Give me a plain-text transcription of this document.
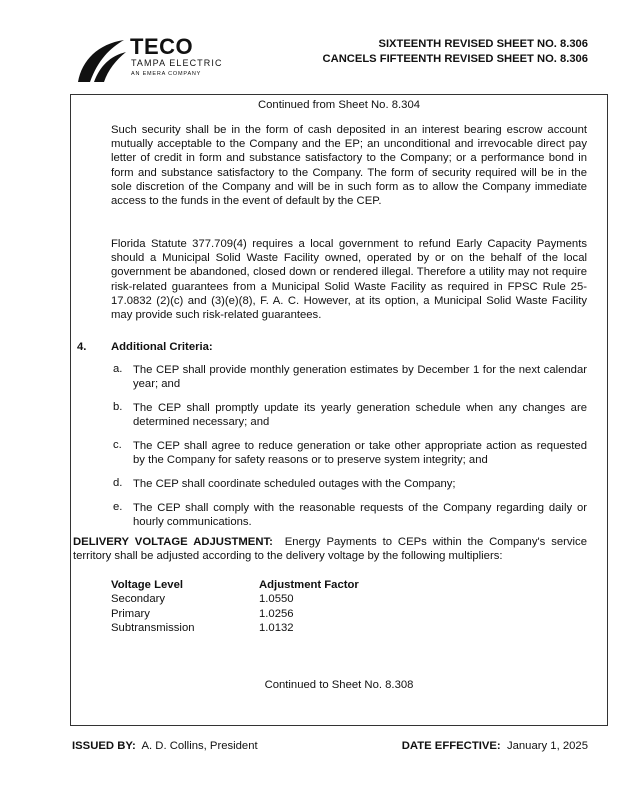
TECO
TAMPA ELECTRIC
AN EMERA COMPANY
SIXTEENTH REVISED SHEET NO. 8.306
CANCELS FIFTEENTH REVISED SHEET NO. 8.306
Continued from Sheet No. 8.304

Such security shall be in the form of cash deposited in an interest bearing escrow account mutually acceptable to the Company and the EP; an unconditional and irrevocable direct pay letter of credit in form and substance satisfactory to the Company; or a performance bond in form and substance satisfactory to the Company. The form of security required will be in the sole discretion of the Company and will be in such form as to allow the Company immediate access to the funds in the event of default by the CEP.

Florida Statute 377.709(4) requires a local government to refund Early Capacity Payments should a Municipal Solid Waste Facility owned, operated by or on the behalf of the local government be abandoned, closed down or rendered illegal. Therefore a utility may not require risk-related guarantees from a Municipal Solid Waste Facility as required in FPSC Rule 25-17.0832 (2)(c) and (3)(e)(8), F. A. C. However, at its option, a Municipal Solid Waste Facility may provide such risk-related guarantees.

4. Additional Criteria:
a. The CEP shall provide monthly generation estimates by December 1 for the next calendar year; and

b. The CEP shall promptly update its yearly generation schedule when any changes are determined necessary; and

c. The CEP shall agree to reduce generation or take other appropriate action as requested by the Company for safety reasons or to preserve system integrity; and

d. The CEP shall coordinate scheduled outages with the Company;

e. The CEP shall comply with the reasonable requests of the Company regarding daily or hourly communications.

DELIVERY VOLTAGE ADJUSTMENT: Energy Payments to CEPs within the Company's service territory shall be adjusted according to the delivery voltage by the following multipliers:

Voltage Level	Adjustment Factor
Secondary	1.0550
Primary	1.0256
Subtransmission	1.0132
Continued to Sheet No. 8.308
ISSUED BY: A. D. Collins, President	DATE EFFECTIVE: January 1, 2025
